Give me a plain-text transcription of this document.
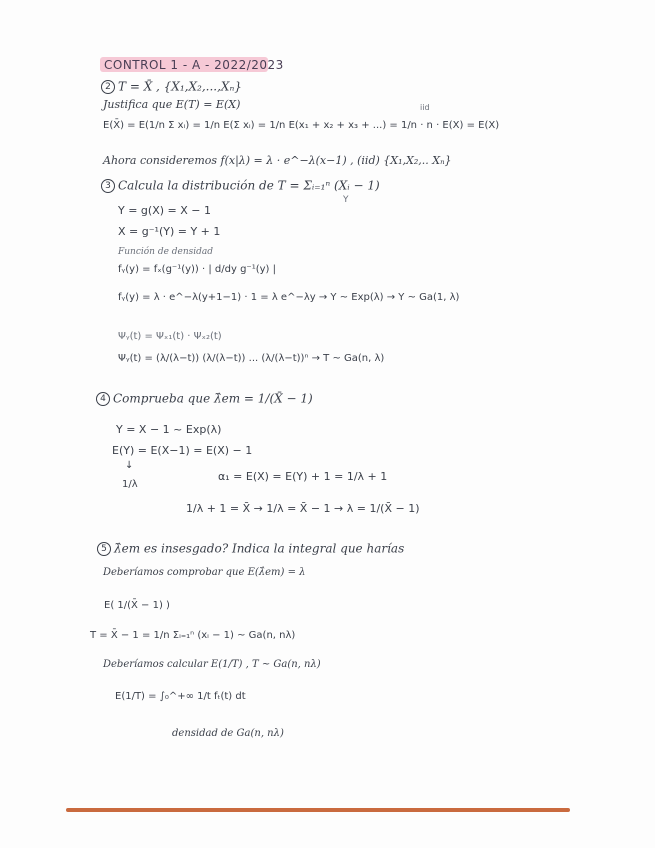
CONTROL 1 - A - 2022/2023
2 T = X̄ , {X₁,X₂,...,Xₙ}
Justifica que E(T) = E(X)	iid
E(X̄) = E(1/n Σ xᵢ) = 1/n E(Σ xᵢ) = 1/n E(x₁ + x₂ + x₃ + ...) = 1/n · n · E(X) = E(X)
Ahora consideremos f(x|λ) = λ · e^−λ(x−1) , (iid) {X₁,X₂,.. Xₙ}
3 Calcula la distribución de T = Σᵢ₌₁ⁿ (Xᵢ − 1)
Y
Y = g(X) = X − 1
X = g⁻¹(Y) = Y + 1
Función de densidad
fᵧ(y) = fₓ(g⁻¹(y)) · | d/dy g⁻¹(y) |
fᵧ(y) = λ · e^−λ(y+1−1) · 1 = λ e^−λy → Y ~ Exp(λ) → Y ~ Ga(1, λ)
Ψᵧ(t) = Ψₓ₁(t) · Ψₓ₂(t)
Ψᵧ(t) = (λ/(λ−t)) (λ/(λ−t)) ... (λ/(λ−t))ⁿ → T ~ Ga(n, λ)
4 Comprueba que λ̂em = 1/(X̄ − 1)
Y = X − 1 ~ Exp(λ)
E(Y) = E(X−1) = E(X) − 1
↓
1/λ
α₁ = E(X) = E(Y) + 1 = 1/λ + 1
1/λ + 1 = X̄ → 1/λ = X̄ − 1 → λ = 1/(X̄ − 1)
5 λ̂em es insesgado? Indica la integral que harías
Deberíamos comprobar que E(λ̂em) = λ
E( 1/(X̄ − 1) )
T = X̄ − 1 = 1/n Σᵢ₌₁ⁿ (xᵢ − 1) ~ Ga(n, nλ)
Deberíamos calcular E(1/T) , T ~ Ga(n, nλ)
E(1/T) = ∫₀^+∞ 1/t fₜ(t) dt
densidad de Ga(n, nλ)
